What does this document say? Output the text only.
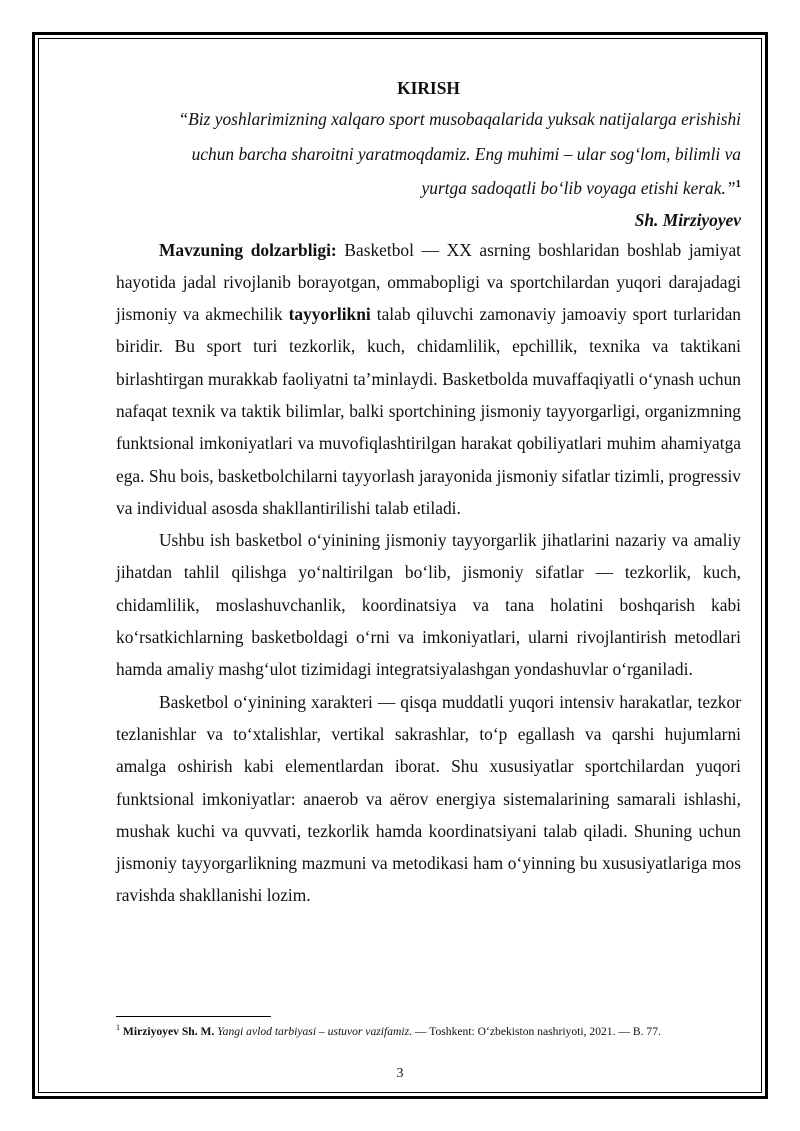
KIRISH

“Biz yoshlarimizning xalqaro sport musobaqalarida yuksak natijalarga erishishi

uchun barcha sharoitni yaratmoqdamiz. Eng muhimi – ular sog‘lom, bilimli va

yurtga sadoqatli bo‘lib voyaga etishi kerak.”$^1$

Sh. Mirziyoyev

Mavzuning dolzarbligi: Basketbol — XX asrning boshlaridan boshlab jamiyat hayotida jadal rivojlanib borayotgan, ommabopligi va sportchilardan yuqori darajadagi jismoniy va akmechilik tayyorlikni talab qiluvchi zamonaviy jamoaviy sport turlaridan biridir. Bu sport turi tezkorlik, kuch, chidamlilik, epchillik, texnika va taktikani birlashtirgan murakkab faoliyatni ta’minlaydi. Basketbolda muvaffaqiyatli o‘ynash uchun nafaqat texnik va taktik bilimlar, balki sportchining jismoniy tayyorgarligi, organizmning funktsional imkoniyatlari va muvofiqlashtirilgan harakat qobiliyatlari muhim ahamiyatga ega. Shu bois, basketbolchilarni tayyorlash jarayonida jismoniy sifatlar tizimli, progressiv va individual asosda shakllantirilishi talab etiladi.

Ushbu ish basketbol o‘yinining jismoniy tayyorgarlik jihatlarini nazariy va amaliy jihatdan tahlil qilishga yo‘naltirilgan bo‘lib, jismoniy sifatlar — tezkorlik, kuch, chidamlilik, moslashuvchanlik, koordinatsiya va tana holatini boshqarish kabi ko‘rsatkichlarning basketboldagi o‘rni va imkoniyatlari, ularni rivojlantirish metodlari hamda amaliy mashg‘ulot tizimidagi integratsiyalashgan yondashuvlar o‘rganiladi.

Basketbol o‘yinining xarakteri — qisqa muddatli yuqori intensiv harakatlar, tezkor tezlanishlar va to‘xtalishlar, vertikal sakrashlar, to‘p egallash va qarshi hujumlarni amalga oshirish kabi elementlardan iborat. Shu xususiyatlar sportchilardan yuqori funktsional imkoniyatlar: anaerob va aёrov energiya sistemalarining samarali ishlashi, mushak kuchi va quvvati, tezkorlik hamda koordinatsiyani talab qiladi. Shuning uchun jismoniy tayyorgarlikning mazmuni va metodikasi ham o‘yinning bu xususiyatlariga mos ravishda shakllanishi lozim.

$^1$ Mirziyoyev Sh. M. Yangi avlod tarbiyasi – ustuvor vazifamiz. — Toshkent: O‘zbekiston nashriyoti, 2021. — B. 77.
3
